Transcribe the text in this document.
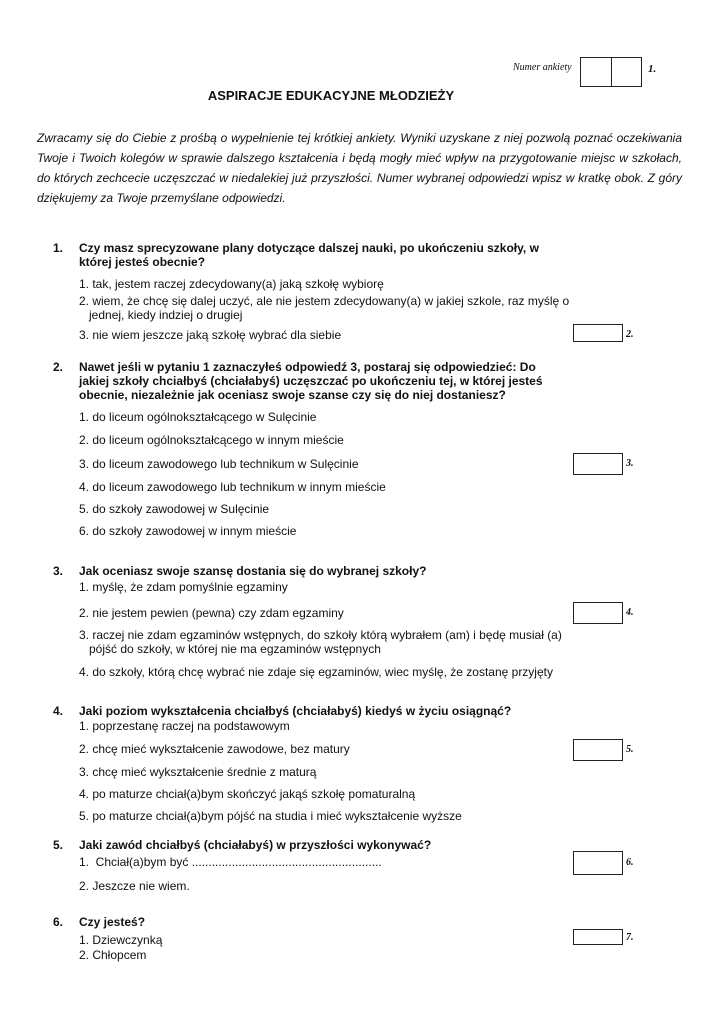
Numer ankiety	1.
ASPIRACJE EDUKACYJNE MŁODZIEŻY
Zwracamy się do Ciebie z prośbą o wypełnienie tej krótkiej ankiety. Wyniki uzyskane z niej pozwolą poznać oczekiwania Twoje i Twoich kolegów w sprawie dalszego kształcenia i będą mogły mieć wpływ na przygotowanie miejsc w szkołach, do których zechcecie uczęszczać w niedalekiej już przyszłości. Numer wybranej odpowiedzi wpisz w kratkę obok. Z góry dziękujemy za Twoje przemyślane odpowiedzi.
1. Czy masz sprecyzowane plany dotyczące dalszej nauki, po ukończeniu szkoły, w której jesteś obecnie?
1. tak, jestem raczej zdecydowany(a) jaką szkołę wybiorę
2. wiem, że chcę się dalej uczyć, ale nie jestem zdecydowany(a) w jakiej szkole, raz myślę o jednej, kiedy indziej o drugiej
3. nie wiem jeszcze jaką szkołę wybrać dla siebie	2.
2. Nawet jeśli w pytaniu 1 zaznaczyłeś odpowiedź 3, postaraj się odpowiedzieć: Do jakiej szkoły chciałbyś (chciałabyś) uczęszczać po ukończeniu tej, w której jesteś obecnie, niezależnie jak oceniasz swoje szanse czy się do niej dostaniesz?
1. do liceum ogólnokształcącego w Sulęcinie
2. do liceum ogólnokształcącego w innym mieście
3. do liceum zawodowego lub technikum w Sulęcinie
4. do liceum zawodowego lub technikum w innym mieście
5. do szkoły zawodowej w Sulęcinie
6. do szkoły zawodowej w innym mieście
3.
3. Jak oceniasz swoje szansę dostania się do wybranej szkoły?
1. myślę, że zdam pomyślnie egzaminy
2. nie jestem pewien (pewna) czy zdam egzaminy
3. raczej nie zdam egzaminów wstępnych, do szkoły którą wybrałem (am) i będę musiał (a) pójść do szkoły, w której nie ma egzaminów wstępnych
4. do szkoły, którą chcę wybrać nie zdaje się egzaminów, wiec myślę, że zostanę przyjęty
4.
4. Jaki poziom wykształcenia chciałbyś (chciałabyś) kiedyś w życiu osiągnąć?
1. poprzestanę raczej na podstawowym
2. chcę mieć wykształcenie zawodowe, bez matury
3. chcę mieć wykształcenie średnie z maturą
4. po maturze chciał(a)bym skończyć jakąś szkołę pomaturalną
5. po maturze chciał(a)bym pójść na studia i mieć wykształcenie wyższe
5.
5. Jaki zawód chciałbyś (chciałabyś) w przyszłości wykonywać?
1.  Chciał(a)bym być .........................................................
2. Jeszcze nie wiem.
6.
6. Czy jesteś?
1. Dziewczynką
2. Chłopcem
7.
